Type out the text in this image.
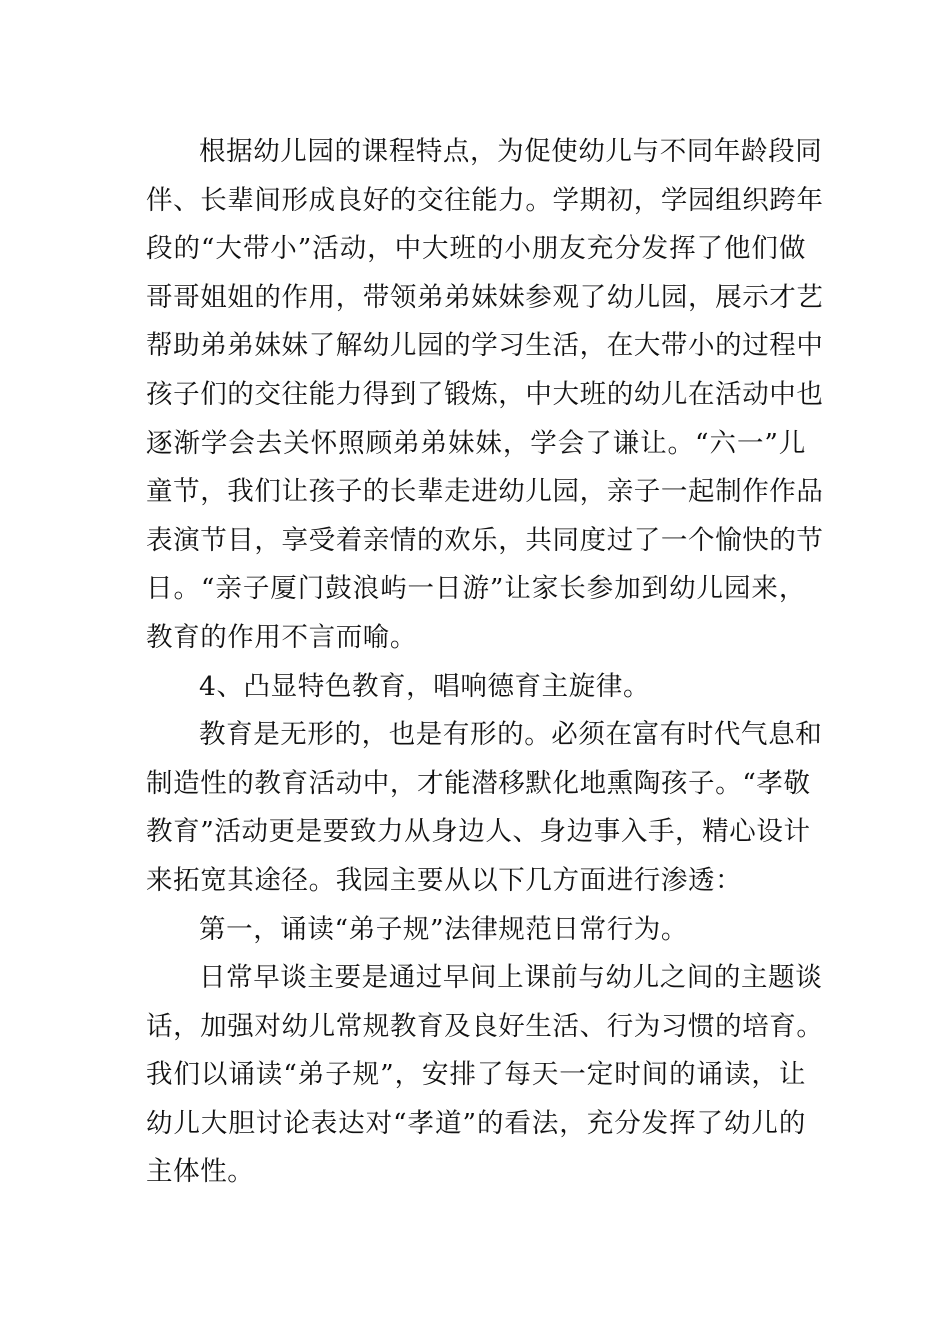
根据幼儿园的课程特点，为促使幼儿与不同年龄段同
伴、长辈间形成良好的交往能力。学期初，学园组织跨年
段的“大带小”活动，中大班的小朋友充分发挥了他们做
哥哥姐姐的作用，带领弟弟妹妹参观了幼儿园，展示才艺
帮助弟弟妹妹了解幼儿园的学习生活，在大带小的过程中
孩子们的交往能力得到了锻炼，中大班的幼儿在活动中也
逐渐学会去关怀照顾弟弟妹妹，学会了谦让。“六一”儿
童节，我们让孩子的长辈走进幼儿园，亲子一起制作作品
表演节目，享受着亲情的欢乐，共同度过了一个愉快的节
日。“亲子厦门鼓浪屿一日游”让家长参加到幼儿园来，
教育的作用不言而喻。
4、凸显特色教育，唱响德育主旋律。
教育是无形的，也是有形的。必须在富有时代气息和
制造性的教育活动中，才能潜移默化地熏陶孩子。“孝敬
教育”活动更是要致力从身边人、身边事入手，精心设计
来拓宽其途径。我园主要从以下几方面进行渗透：
第一，诵读“弟子规”法律规范日常行为。
日常早谈主要是通过早间上课前与幼儿之间的主题谈
话，加强对幼儿常规教育及良好生活、行为习惯的培育。
我们以诵读“弟子规”，安排了每天一定时间的诵读，让
幼儿大胆讨论表达对“孝道”的看法，充分发挥了幼儿的
主体性。
